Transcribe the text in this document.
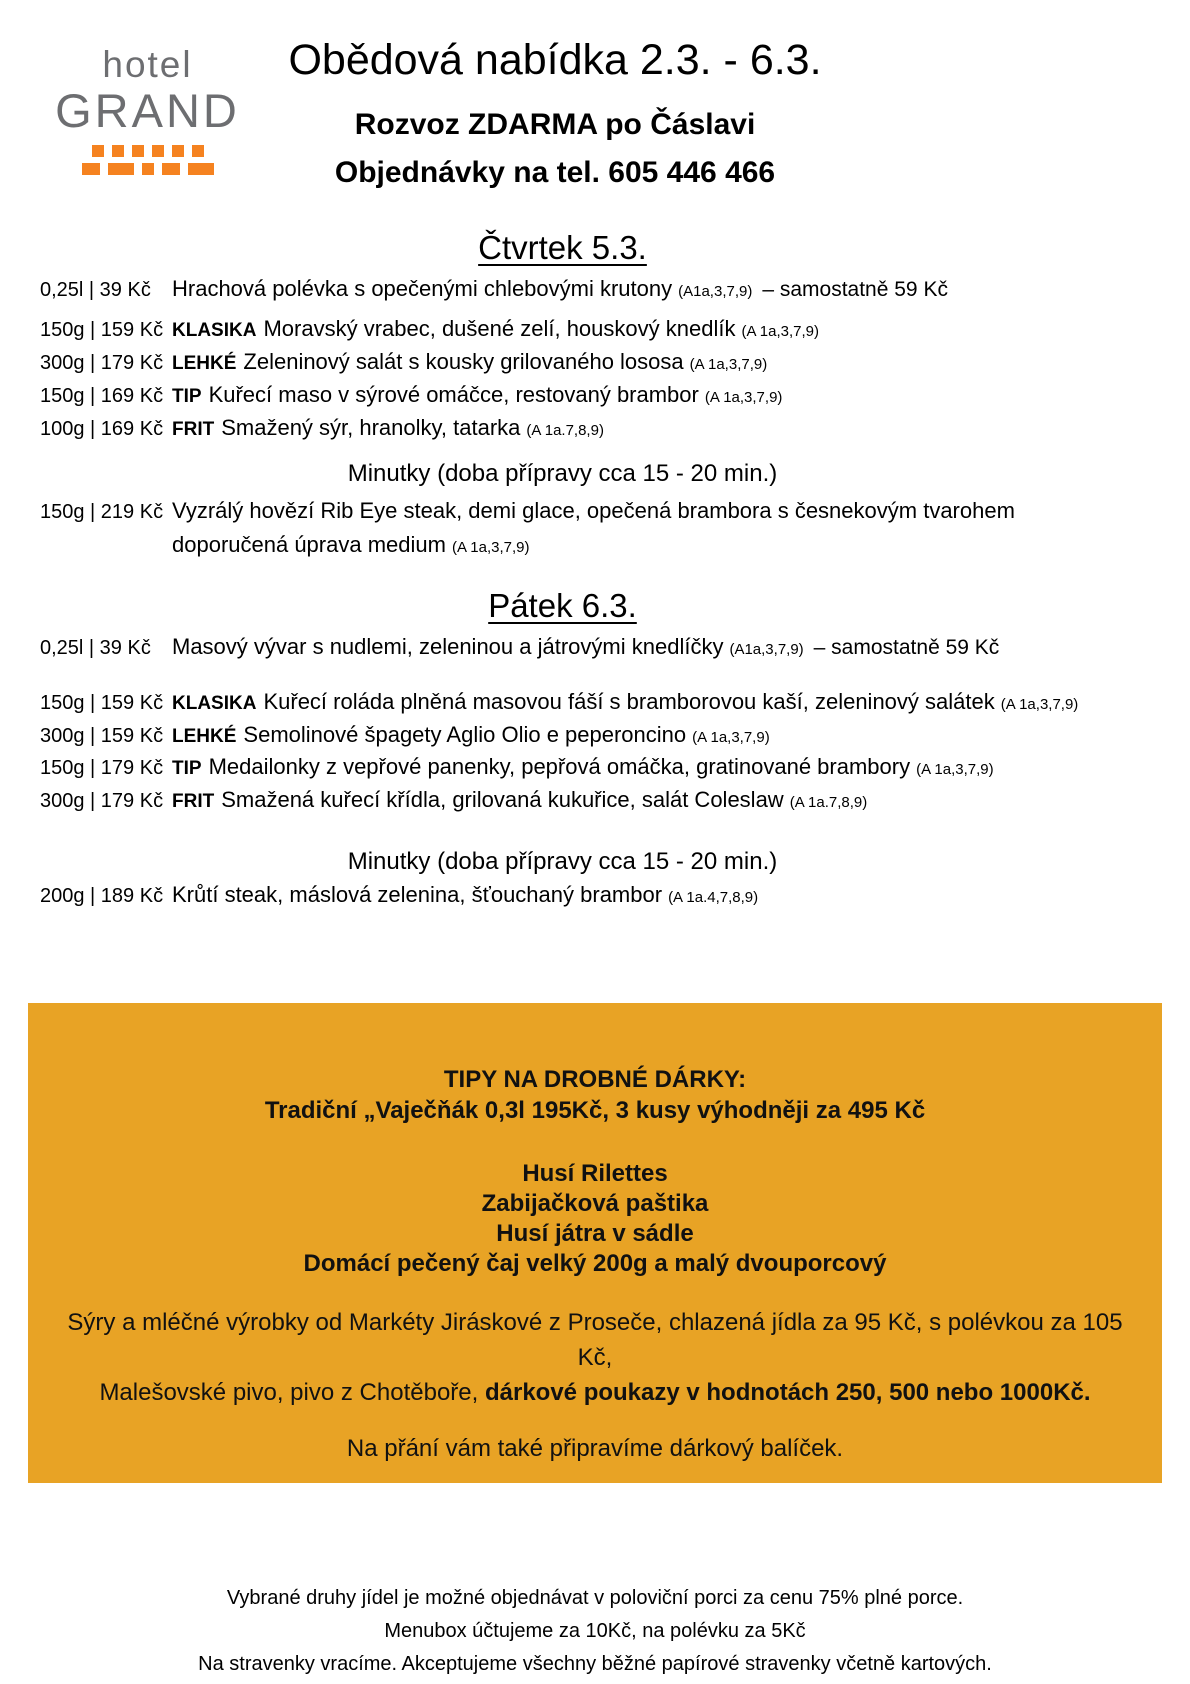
hotel
GRAND
Obědová nabídka 2.3. - 6.3.
Rozvoz ZDARMA po Čáslavi
Objednávky na tel. 605 446 466
Čtvrtek 5.3.
0,25l | 39 Kč Hrachová polévka s opečenými chlebovými krutony (A1a,3,7,9) – samostatně 59 Kč
150g | 159 Kč KLASIKA Moravský vrabec, dušené zelí, houskový knedlík (A 1a,3,7,9)
300g | 179 Kč LEHKÉ Zeleninový salát s kousky grilovaného lososa (A 1a,3,7,9)
150g | 169 Kč TIP Kuřecí maso v sýrové omáčce, restovaný brambor (A 1a,3,7,9)
100g | 169 Kč FRIT Smažený sýr, hranolky, tatarka (A 1a.7,8,9)
Minutky (doba přípravy cca 15 - 20 min.)
150g | 219 Kč Vyzrálý hovězí Rib Eye steak, demi glace, opečená brambora s česnekovým tvarohem
doporučená úprava medium (A 1a,3,7,9)
Pátek 6.3.
0,25l | 39 Kč Masový vývar s nudlemi, zeleninou a játrovými knedlíčky (A1a,3,7,9) – samostatně 59 Kč
150g | 159 Kč KLASIKA Kuřecí roláda plněná masovou fáší s bramborovou kaší, zeleninový salátek (A 1a,3,7,9)
300g | 159 Kč LEHKÉ Semolinové špagety Aglio Olio e peperoncino (A 1a,3,7,9)
150g | 179 Kč TIP Medailonky z vepřové panenky, pepřová omáčka, gratinované brambory (A 1a,3,7,9)
300g | 179 Kč FRIT Smažená kuřecí křídla, grilovaná kukuřice, salát Coleslaw (A 1a.7,8,9)
Minutky (doba přípravy cca 15 - 20 min.)
200g | 189 Kč Krůtí steak, máslová zelenina, šťouchaný brambor (A 1a.4,7,8,9)
TIPY NA DROBNÉ DÁRKY:
Tradiční „Vaječňák 0,3l 195Kč, 3 kusy výhodněji za 495 Kč
Husí Rilettes
Zabijačková paštika
Husí játra v sádle
Domácí pečený čaj velký 200g a malý dvouporcový
Sýry a mléčné výrobky od Markéty Jiráskové z Proseče, chlazená jídla za 95 Kč, s polévkou za 105 Kč,
Malešovské pivo, pivo z Chotěboře, dárkové poukazy v hodnotách 250, 500 nebo 1000Kč.
Na přání vám také připravíme dárkový balíček.
Vybrané druhy jídel je možné objednávat v poloviční porci za cenu 75% plné porce.
Menubox účtujeme za 10Kč, na polévku za 5Kč
Na stravenky vracíme. Akceptujeme všechny běžné papírové stravenky včetně kartových.
